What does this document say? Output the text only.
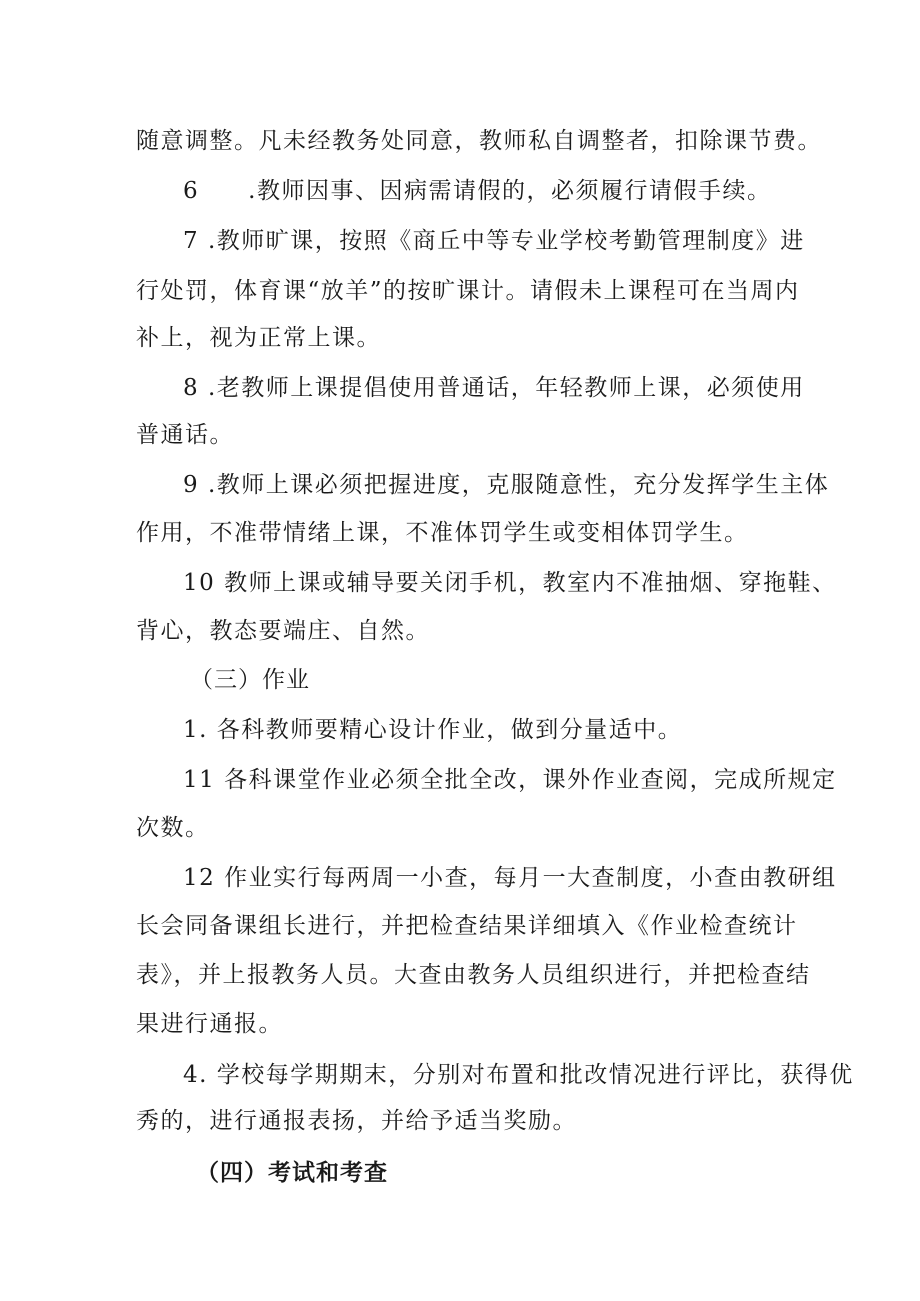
随意调整。凡未经教务处同意，教师私自调整者，扣除课节费。
6　　.教师因事、因病需请假的，必须履行请假手续。
7 .教师旷课，按照《商丘中等专业学校考勤管理制度》进
行处罚，体育课“放羊”的按旷课计。请假未上课程可在当周内
补上，视为正常上课。
8 .老教师上课提倡使用普通话，年轻教师上课，必须使用
普通话。
9 .教师上课必须把握进度，克服随意性，充分发挥学生主体
作用，不准带情绪上课，不准体罚学生或变相体罚学生。
10 教师上课或辅导要关闭手机，教室内不准抽烟、穿拖鞋、
背心，教态要端庄、自然。
（三）作业
1. 各科教师要精心设计作业，做到分量适中。
11 各科课堂作业必须全批全改，课外作业查阅，完成所规定
次数。
12 作业实行每两周一小查，每月一大查制度，小查由教研组
长会同备课组长进行，并把检查结果详细填入《作业检查统计
表》，并上报教务人员。大查由教务人员组织进行，并把检查结
果进行通报。
4. 学校每学期期末，分别对布置和批改情况进行评比，获得优
秀的，进行通报表扬，并给予适当奖励。
（四）考试和考查
